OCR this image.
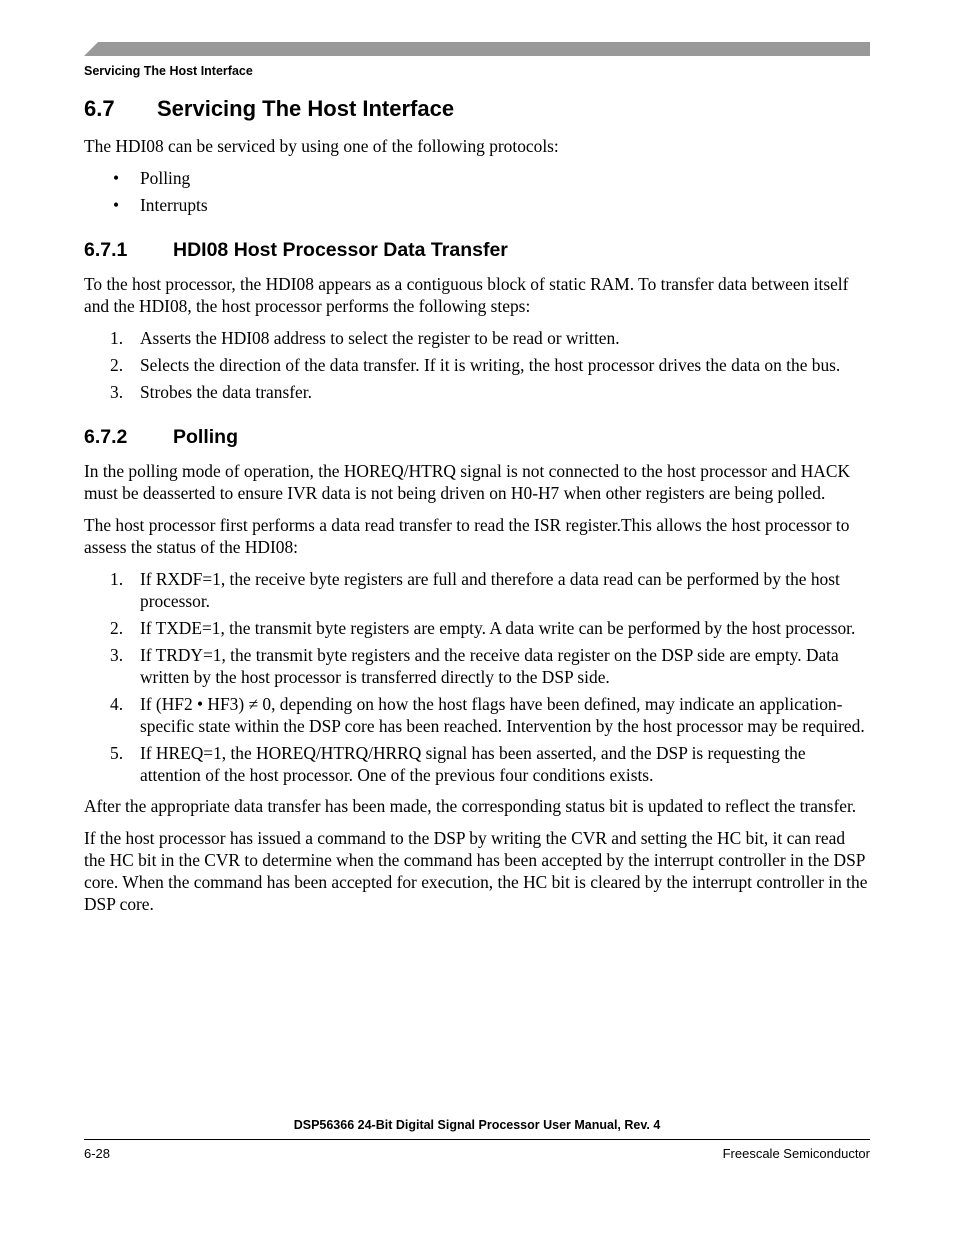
Servicing The Host Interface
6.7	Servicing The Host Interface

The HDI08 can be serviced by using one of the following protocols:

• Polling
• Interrupts
6.7.1	HDI08 Host Processor Data Transfer

To the host processor, the HDI08 appears as a contiguous block of static RAM. To transfer data between itself and the HDI08, the host processor performs the following steps:

1. Asserts the HDI08 address to select the register to be read or written.
2. Selects the direction of the data transfer. If it is writing, the host processor drives the data on the bus.
3. Strobes the data transfer.
6.7.2	Polling

In the polling mode of operation, the HOREQ/HTRQ signal is not connected to the host processor and HACK must be deasserted to ensure IVR data is not being driven on H0-H7 when other registers are being polled.

The host processor first performs a data read transfer to read the ISR register.This allows the host processor to assess the status of the HDI08:

1. If RXDF=1, the receive byte registers are full and therefore a data read can be performed by the host processor.
2. If TXDE=1, the transmit byte registers are empty. A data write can be performed by the host processor.
3. If TRDY=1, the transmit byte registers and the receive data register on the DSP side are empty. Data written by the host processor is transferred directly to the DSP side.
4. If (HF2 • HF3) ≠ 0, depending on how the host flags have been defined, may indicate an application-specific state within the DSP core has been reached. Intervention by the host processor may be required.
5. If HREQ=1, the HOREQ/HTRQ/HRRQ signal has been asserted, and the DSP is requesting the attention of the host processor. One of the previous four conditions exists.

After the appropriate data transfer has been made, the corresponding status bit is updated to reflect the transfer.

If the host processor has issued a command to the DSP by writing the CVR and setting the HC bit, it can read the HC bit in the CVR to determine when the command has been accepted by the interrupt controller in the DSP core. When the command has been accepted for execution, the HC bit is cleared by the interrupt controller in the DSP core.

DSP56366 24-Bit Digital Signal Processor User Manual, Rev. 4
6-28	Freescale Semiconductor
